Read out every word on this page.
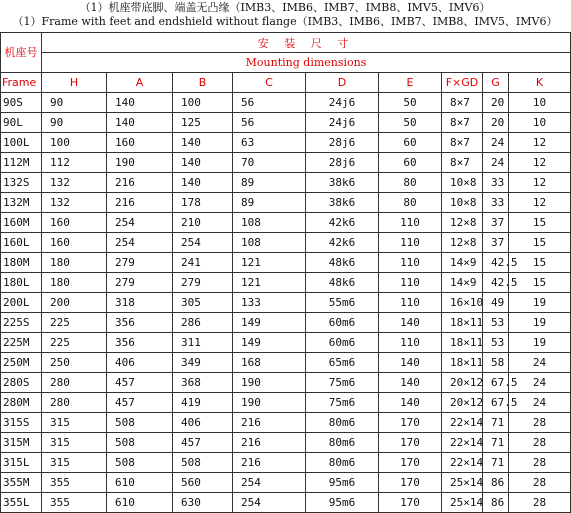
（1）机座带底脚、端盖无凸缘（IMB3、IMB6、IMB7、IMB8、IMV5、IMV6）
（1）Frame with feet and endshield without flange（IMB3、IMB6、IMB7、IMB8、IMV5、IMV6）
机座号	安 装 尺 寸								
	Mounting dimensions								
Frame	H	A	B	C	D	E	F×GD	G	K
90S	90	140	100	56	24j6	50	8×7	20	10
90L	90	140	125	56	24j6	50	8×7	20	10
100L	100	160	140	63	28j6	60	8×7	24	12
112M	112	190	140	70	28j6	60	8×7	24	12
132S	132	216	140	89	38k6	80	10×8	33	12
132M	132	216	178	89	38k6	80	10×8	33	12
160M	160	254	210	108	42k6	110	12×8	37	15
160L	160	254	254	108	42k6	110	12×8	37	15
180M	180	279	241	121	48k6	110	14×9	42.5	15
180L	180	279	279	121	48k6	110	14×9	42.5	15
200L	200	318	305	133	55m6	110	16×10	49	19
225S	225	356	286	149	60m6	140	18×11	53	19
225M	225	356	311	149	60m6	110	18×11	53	19
250M	250	406	349	168	65m6	140	18×11	58	24
280S	280	457	368	190	75m6	140	20×12	67.5	24
280M	280	457	419	190	75m6	140	20×12	67.5	24
315S	315	508	406	216	80m6	170	22×14	71	28
315M	315	508	457	216	80m6	170	22×14	71	28
315L	315	508	508	216	80m6	170	22×14	71	28
355M	355	610	560	254	95m6	170	25×14	86	28
355L	355	610	630	254	95m6	170	25×14	86	28
